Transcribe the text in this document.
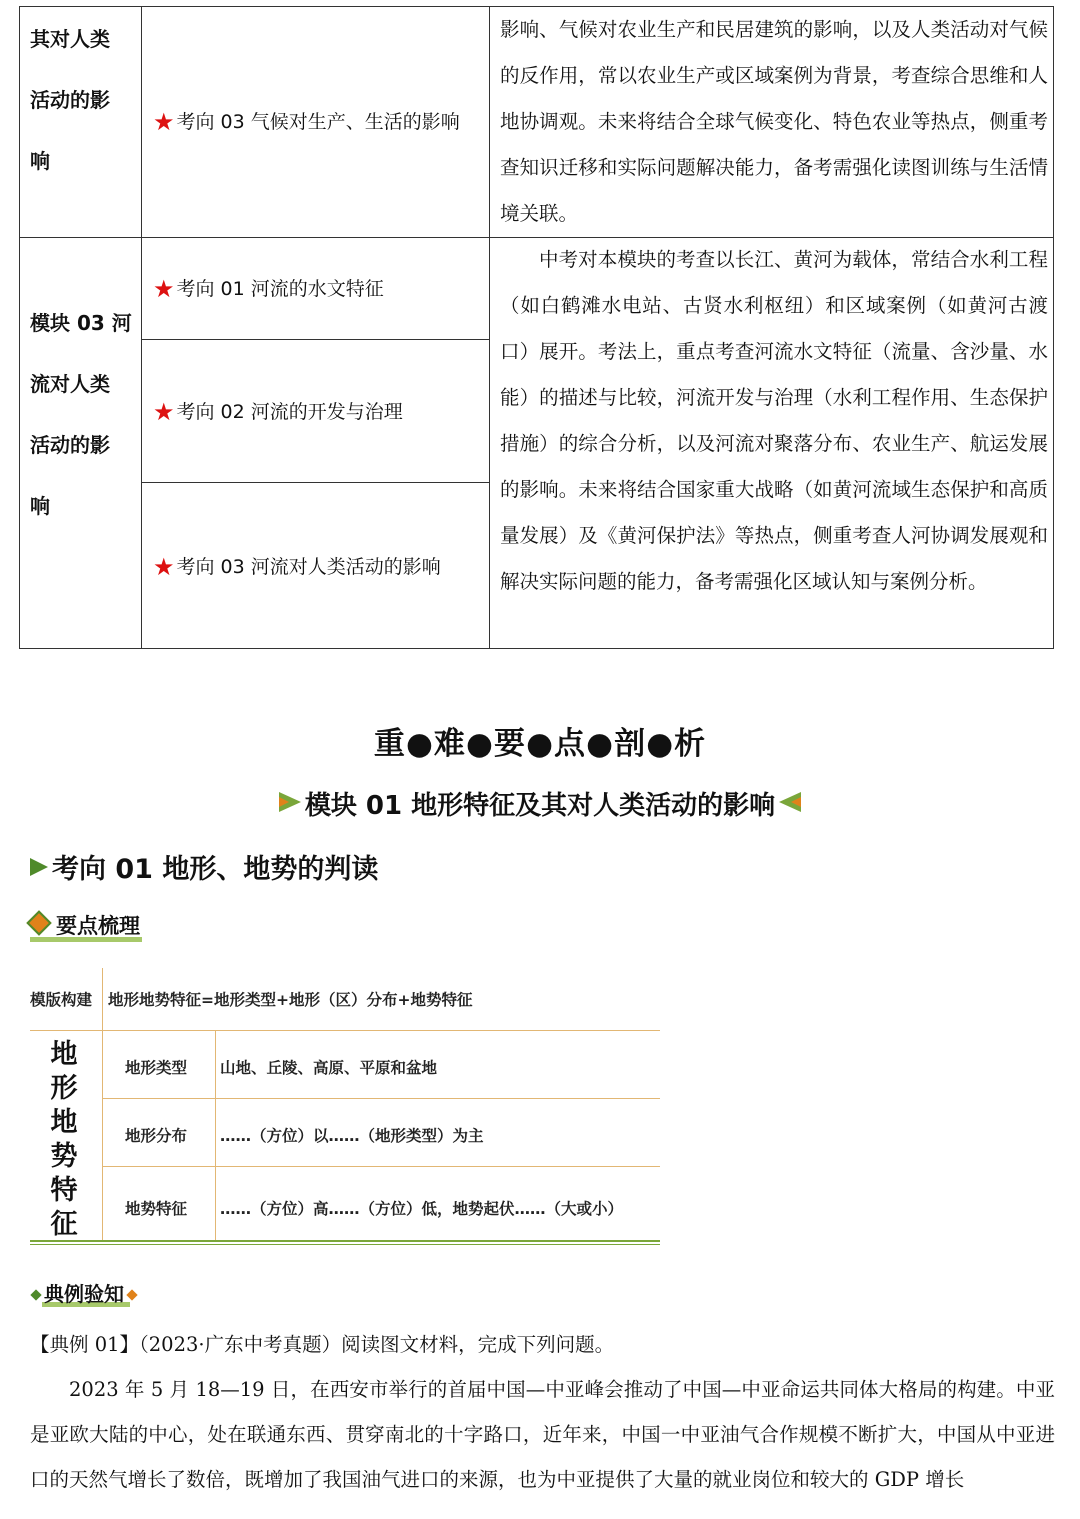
其对人类
活动的影
响
★ 考向 03 气候对生产、生活的影响
影响、气候对农业生产和民居建筑的影响，以及人类活动对气候的反作用，常以农业生产或区域案例为背景，考查综合思维和人地协调观。未来将结合全球气候变化、特色农业等热点，侧重考查知识迁移和实际问题解决能力，备考需强化读图训练与生活情境关联。
模块 03 河
流对人类
活动的影
响
★ 考向 01 河流的水文特征
★ 考向 02 河流的开发与治理
★ 考向 03 河流对人类活动的影响
中考对本模块的考查以长江、黄河为载体，常结合水利工程（如白鹤滩水电站、古贤水利枢纽）和区域案例（如黄河古渡口）展开。考法上，重点考查河流水文特征（流量、含沙量、水能）的描述与比较，河流开发与治理（水利工程作用、生态保护措施）的综合分析，以及河流对聚落分布、农业生产、航运发展的影响。未来将结合国家重大战略（如黄河流域生态保护和高质量发展）及《黄河保护法》等热点，侧重考查人河协调发展观和解决实际问题的能力，备考需强化区域认知与案例分析。
重●难●要●点●剖●析
模块 01 地形特征及其对人类活动的影响
考向 01 地形、地势的判读
要点梳理
模版构建 地形地势特征=地形类型+地形（区）分布+地势特征
地形地势特征
地形类型 山地、丘陵、高原、平原和盆地
地形分布 ……（方位）以……（地形类型）为主
地势特征 ……（方位）高……（方位）低，地势起伏……（大或小）
典例验知
【典例 01】（2023·广东中考真题）阅读图文材料，完成下列问题。
2023 年 5 月 18—19 日，在西安市举行的首届中国—中亚峰会推动了中国—中亚命运共同体大格局的构建。中亚是亚欧大陆的中心，处在联通东西、贯穿南北的十字路口，近年来，中国一中亚油气合作规模不断扩大，中国从中亚进口的天然气增长了数倍，既增加了我国油气进口的来源，也为中亚提供了大量的就业岗位和较大的 GDP 增长
